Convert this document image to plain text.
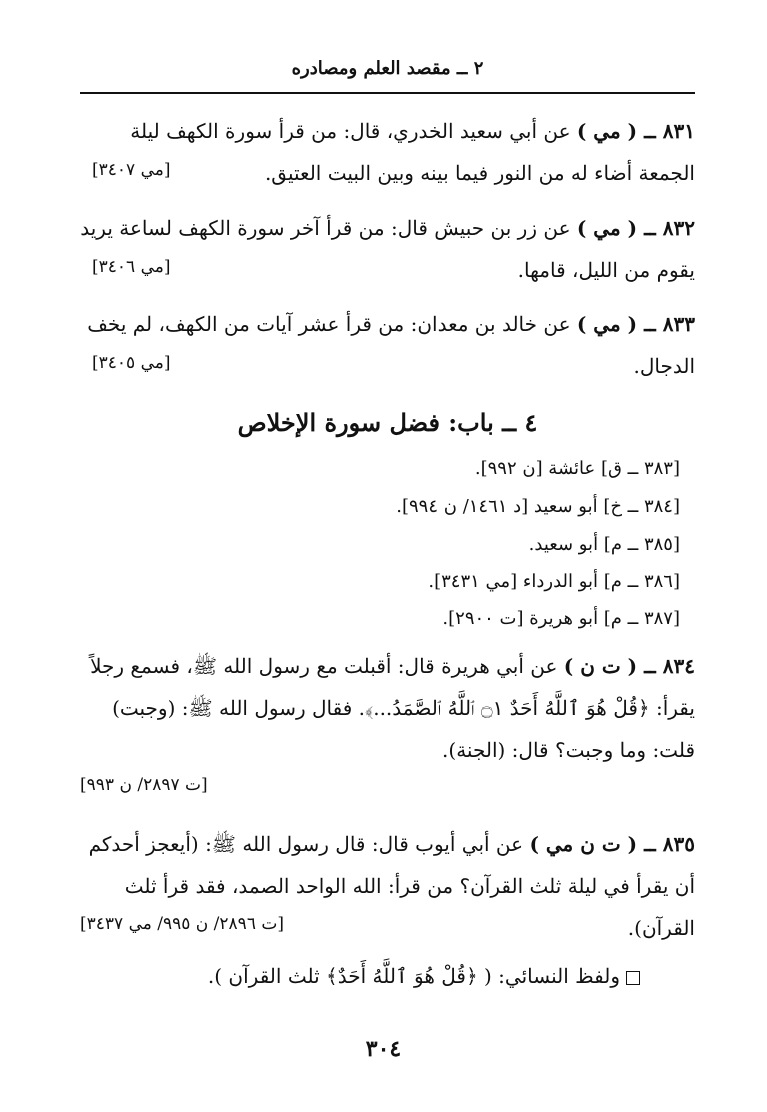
٢ ــ مقصد العلم ومصادره
٨٣١ ــ ( مي ) عن أبي سعيد الخدري، قال: من قرأ سورة الكهف ليلة الجمعة أضاء له من النور فيما بينه وبين البيت العتيق.
[مي ٣٤٠٧]
٨٣٢ ــ ( مي ) عن زر بن حبيش قال: من قرأ آخر سورة الكهف لساعة يريد يقوم من الليل، قامها.
[مي ٣٤٠٦]
٨٣٣ ــ ( مي ) عن خالد بن معدان: من قرأ عشر آيات من الكهف، لم يخف الدجال.
[مي ٣٤٠٥]
٤ ــ باب: فضل سورة الإخلاص
[٣٨٣ ــ ق] عائشة [ن ٩٩٢].
[٣٨٤ ــ خ] أبو سعيد [د ١٤٦١/ ن ٩٩٤].
[٣٨٥ ــ م] أبو سعيد.
[٣٨٦ ــ م] أبو الدرداء [مي ٣٤٣١].
[٣٨٧ ــ م] أبو هريرة [ت ٢٩٠٠].
٨٣٤ ــ ( ت ن ) عن أبي هريرة قال: أقبلت مع رسول الله ﷺ، فسمع رجلاً يقرأ: ﴿قُلْ هُوَ ٱللَّهُ أَحَدٌ ۝١ ٱللَّهُ ٱلصَّمَدُ...﴾. فقال رسول الله ﷺ: (وجبت) قلت: وما وجبت؟ قال: (الجنة).
[ت ٢٨٩٧/ ن ٩٩٣]
٨٣٥ ــ ( ت ن مي ) عن أبي أيوب قال: قال رسول الله ﷺ: (أيعجز أحدكم أن يقرأ في ليلة ثلث القرآن؟ من قرأ: الله الواحد الصمد، فقد قرأ ثلث القرآن).
[ت ٢٨٩٦/ ن ٩٩٥/ مي ٣٤٣٧]
ولفظ النسائي: ( ﴿قُلْ هُوَ ٱللَّهُ أَحَدٌ﴾ ثلث القرآن ).
٣٠٤
